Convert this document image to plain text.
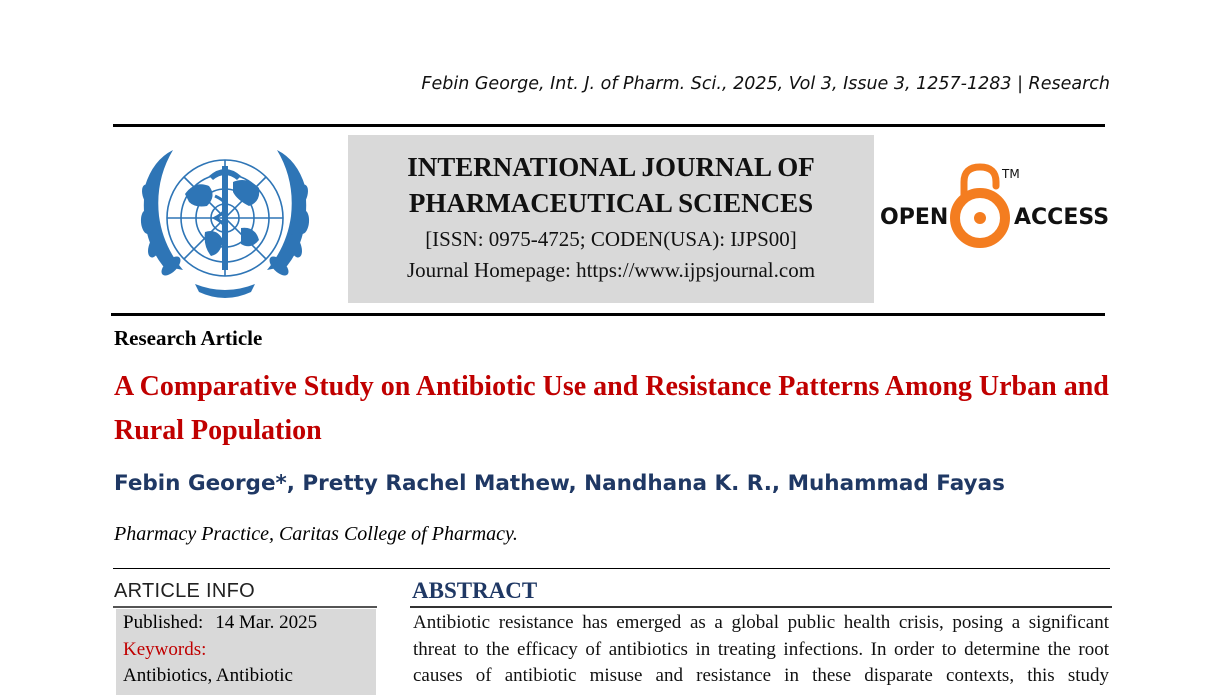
Febin George, Int. J. of Pharm. Sci., 2025, Vol 3, Issue 3, 1257-1283 | Research
INTERNATIONAL JOURNAL OF
PHARMACEUTICAL SCIENCES
[ISSN: 0975-4725; CODEN(USA): IJPS00]
Journal Homepage: https://www.ijpsjournal.com
OPEN
TM
ACCESS
Research Article
A Comparative Study on Antibiotic Use and Resistance Patterns Among Urban and Rural Population
Febin George*, Pretty Rachel Mathew, Nandhana K. R., Muhammad Fayas
Pharmacy Practice, Caritas College of Pharmacy.
ARTICLE INFO
Published: 14 Mar. 2025
Keywords:
Antibiotics, Antibiotic
ABSTRACT
Antibiotic resistance has emerged as a global public health crisis, posing a significant
threat to the efficacy of antibiotics in treating infections. In order to determine the root
causes of antibiotic misuse and resistance in these disparate contexts, this study
